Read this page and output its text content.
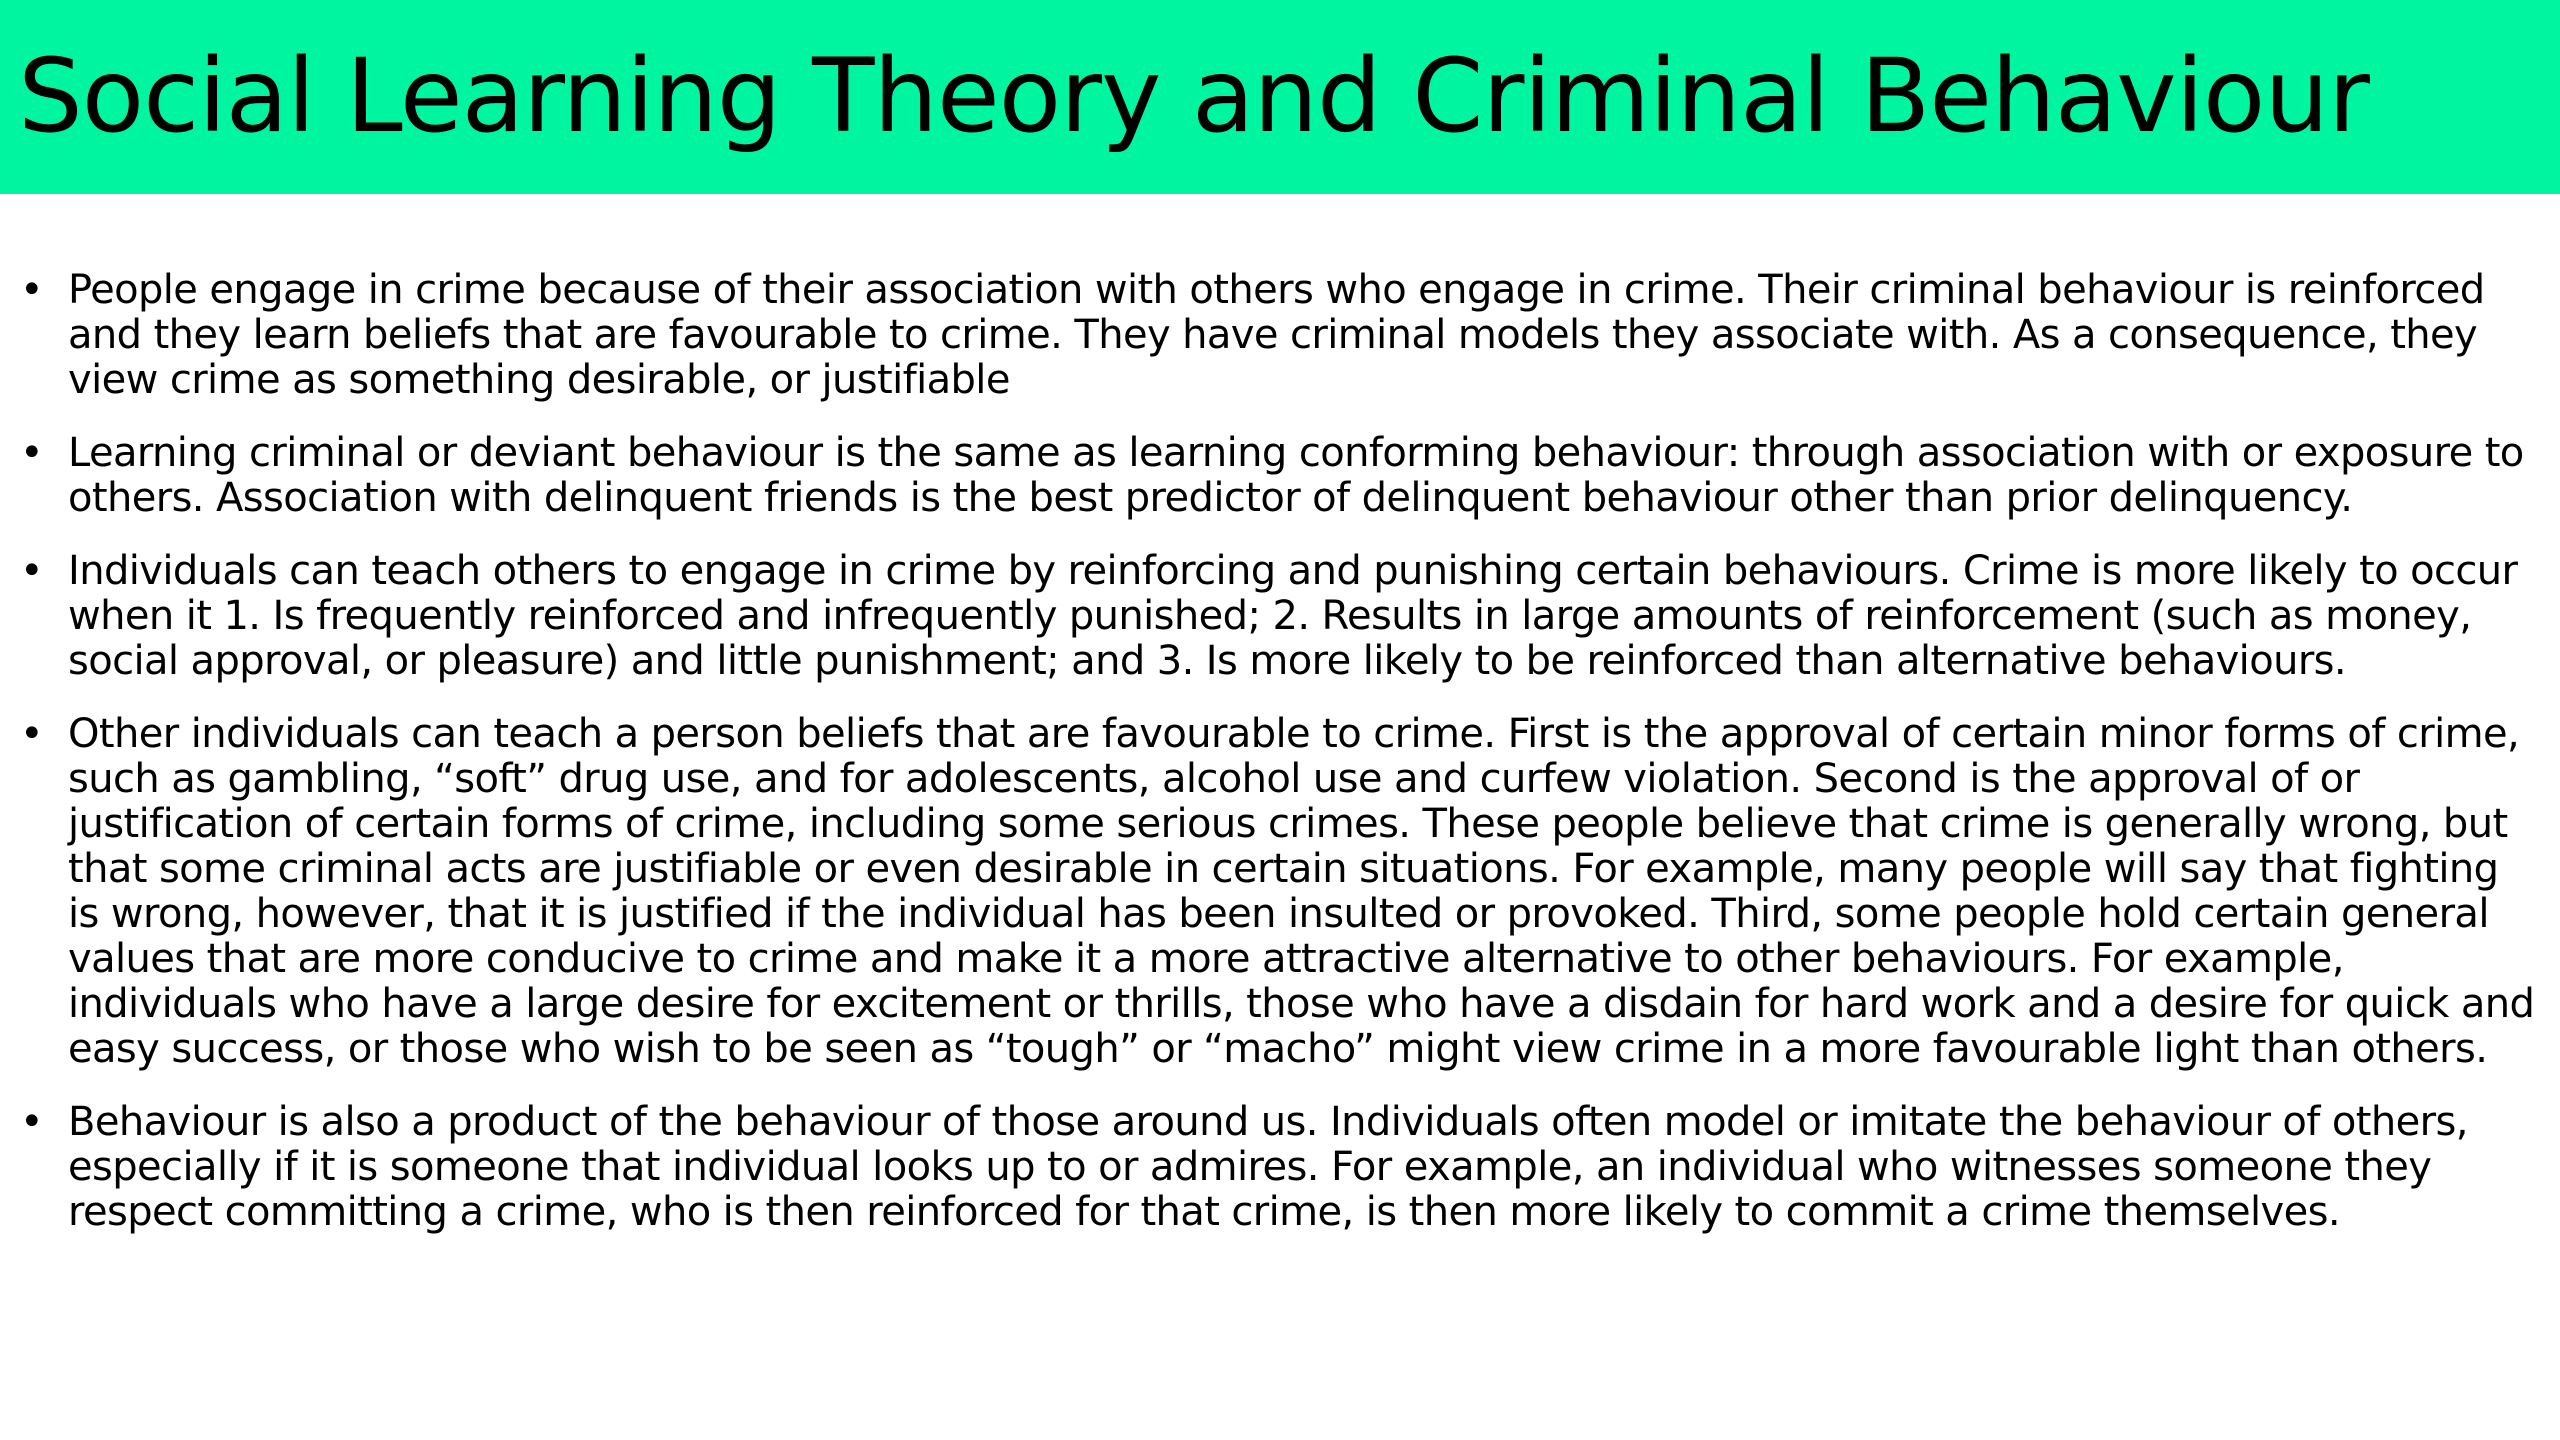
Social Learning Theory and Criminal Behaviour
• People engage in crime because of their association with others who engage in crime. Their criminal behaviour is reinforced and they learn beliefs that are favourable to crime. They have criminal models they associate with. As a consequence, they view crime as something desirable, or justifiable
• Learning criminal or deviant behaviour is the same as learning conforming behaviour: through association with or exposure to others. Association with delinquent friends is the best predictor of delinquent behaviour other than prior delinquency.
• Individuals can teach others to engage in crime by reinforcing and punishing certain behaviours. Crime is more likely to occur when it 1. Is frequently reinforced and infrequently punished; 2. Results in large amounts of reinforcement (such as money, social approval, or pleasure) and little punishment; and 3. Is more likely to be reinforced than alternative behaviours.
• Other individuals can teach a person beliefs that are favourable to crime. First is the approval of certain minor forms of crime, such as gambling, “soft” drug use, and for adolescents, alcohol use and curfew violation. Second is the approval of or justification of certain forms of crime, including some serious crimes. These people believe that crime is generally wrong, but that some criminal acts are justifiable or even desirable in certain situations. For example, many people will say that fighting is wrong, however, that it is justified if the individual has been insulted or provoked. Third, some people hold certain general values that are more conducive to crime and make it a more attractive alternative to other behaviours. For example, individuals who have a large desire for excitement or thrills, those who have a disdain for hard work and a desire for quick and easy success, or those who wish to be seen as “tough” or “macho” might view crime in a more favourable light than others.
• Behaviour is also a product of the behaviour of those around us. Individuals often model or imitate the behaviour of others, especially if it is someone that individual looks up to or admires. For example, an individual who witnesses someone they respect committing a crime, who is then reinforced for that crime, is then more likely to commit a crime themselves.
